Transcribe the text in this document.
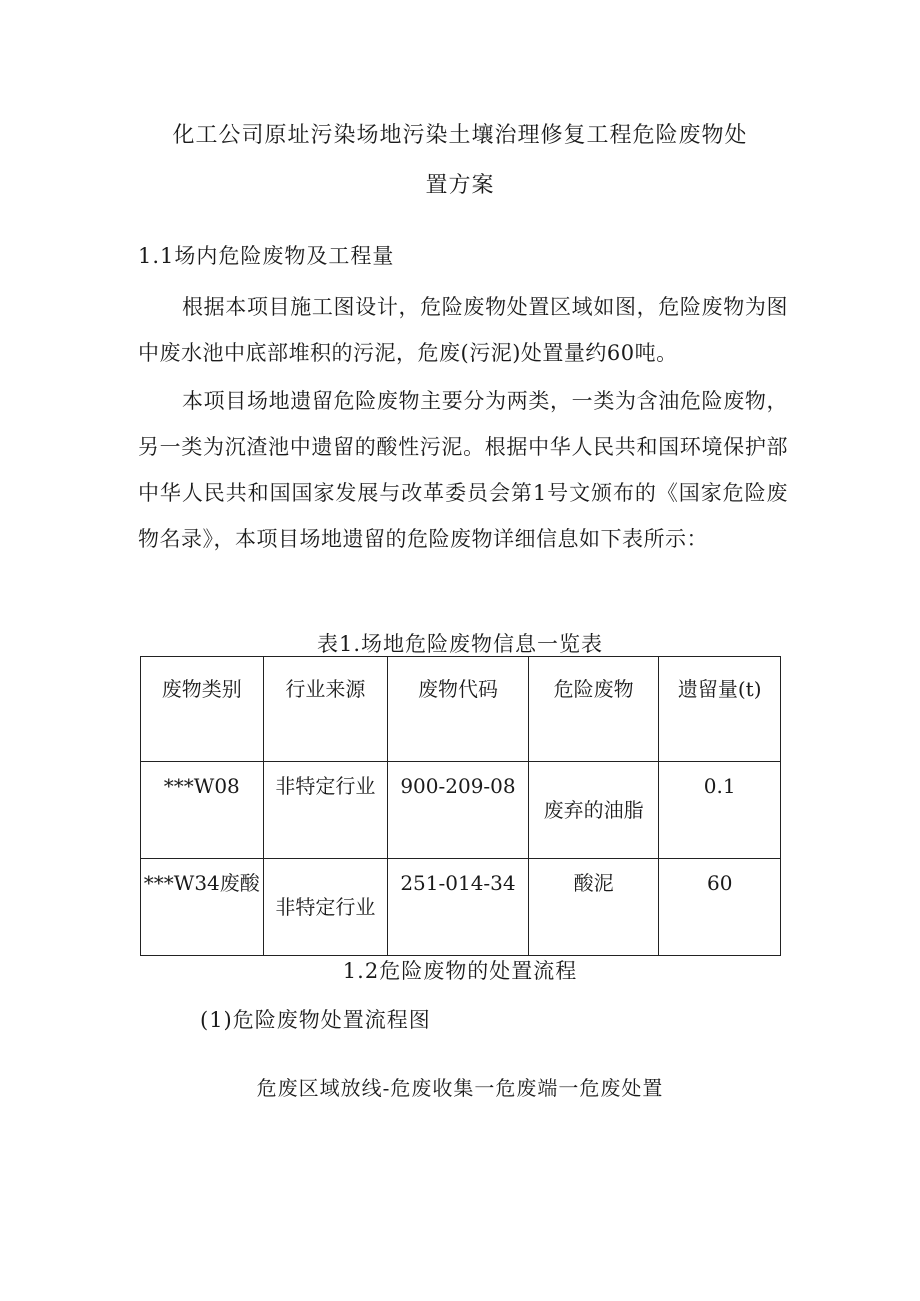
化工公司原址污染场地污染土壤治理修复工程危险废物处
置方案
1.1场内危险废物及工程量
根据本项目施工图设计，危险废物处置区域如图，危险废物为图中废水池中底部堆积的污泥，危废(污泥)处置量约60吨。
本项目场地遗留危险废物主要分为两类，一类为含油危险废物，另一类为沉渣池中遗留的酸性污泥。根据中华人民共和国环境保护部中华人民共和国国家发展与改革委员会第1号文颁布的《国家危险废物名录》，本项目场地遗留的危险废物详细信息如下表所示：
表1.场地危险废物信息一览表
废物类别	行业来源	废物代码	危险废物	遗留量(t)
***W08	非特定行业	900-209-08	废弃的油脂	0.1
***W34废酸	非特定行业	251-014-34	酸泥	60
1.2危险废物的处置流程
(1)危险废物处置流程图
危废区域放线-危废收集一危废端一危废处置
